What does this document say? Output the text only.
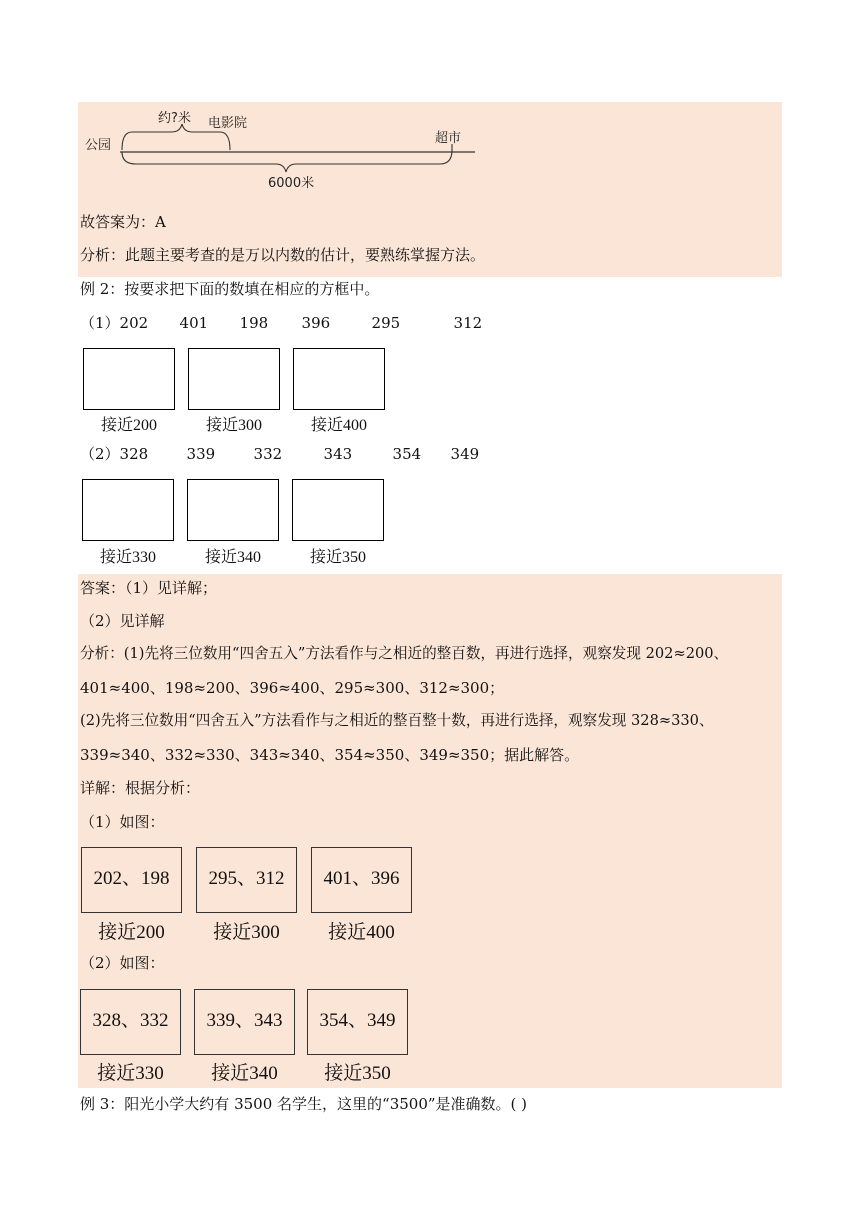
公园
约?米 电影院
超市
6000米
故答案为：A
分析：此题主要考查的是万以内数的估计，要熟练掌握方法。
例 2：按要求把下面的数填在相应的方框中。
（1）202 401 198 396	295	312
接近200	接近300	接近400
（2）328	339	332	343	354 349
接近330	接近340	接近350
答案：（1）见详解；
（2）见详解
分析：(1)先将三位数用“四舍五入”方法看作与之相近的整百数，再进行选择，观察发现 202≈200、
401≈400、198≈200、396≈400、295≈300、312≈300；
(2)先将三位数用“四舍五入”方法看作与之相近的整百整十数，再进行选择，观察发现 328≈330、
339≈340、332≈330、343≈340、354≈350、349≈350；据此解答。
详解：根据分析：
（1）如图：
202、198	295、312	401、396
接近200	接近300	接近400
（2）如图：
328、332	339、343	354、349
接近330	接近340	接近350
例 3：阳光小学大约有 3500 名学生，这里的“3500”是准确数。( )
